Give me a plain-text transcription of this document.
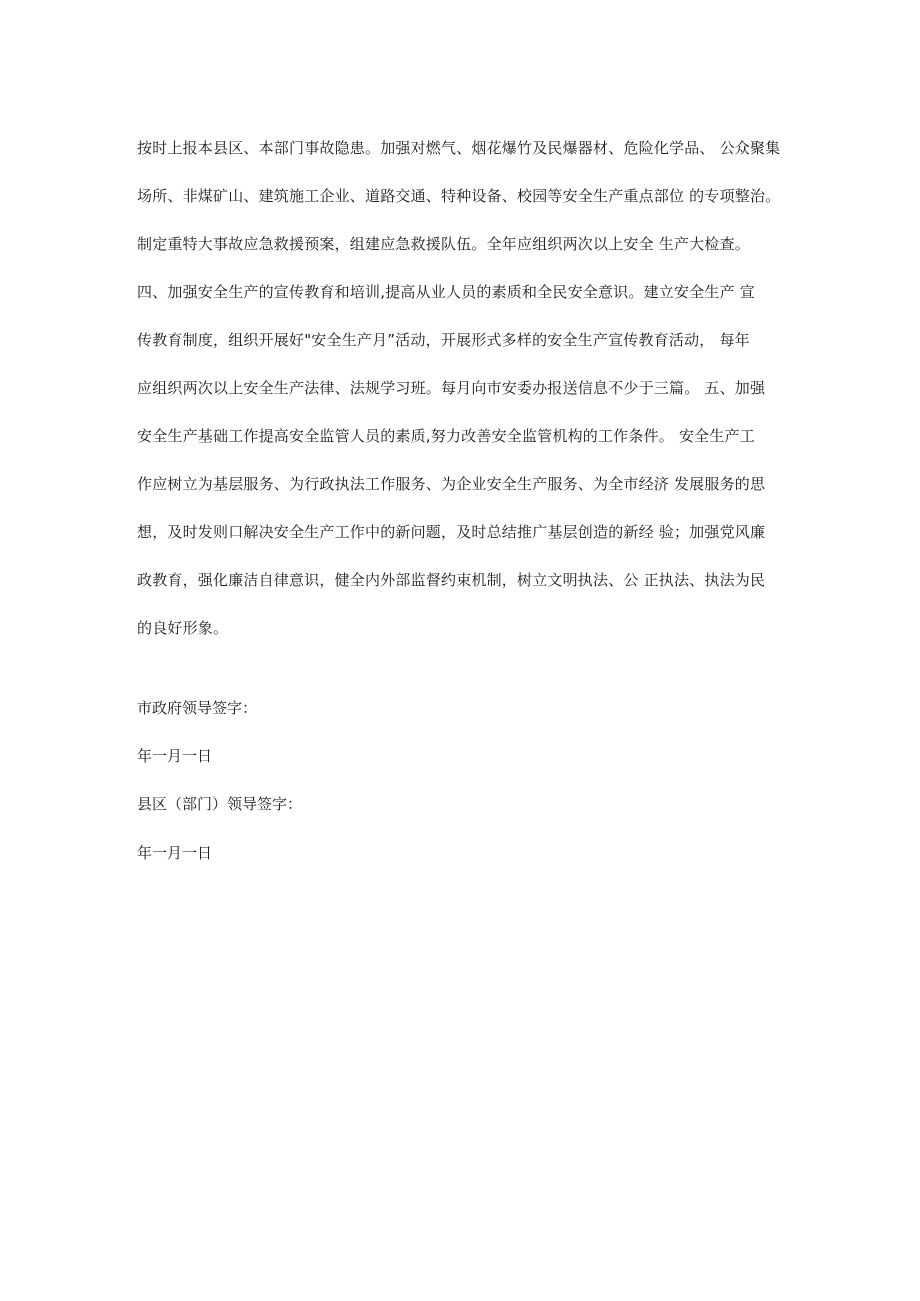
按时上报本县区、本部门事故隐患。加强对燃气、烟花爆竹及民爆器材、危险化学品、 公众聚集
场所、非煤矿山、建筑施工企业、道路交通、特种设备、校园等安全生产重点部位 的专项整治。
制定重特大事故应急救援预案，组建应急救援队伍。全年应组织两次以上安全 生产大检查。
四、加强安全生产的宣传教育和培训,提高从业人员的素质和全民安全意识。建立安全生产 宣
传教育制度，组织开展好"安全生产月”活动，开展形式多样的安全生产宣传教育活动， 每年
应组织两次以上安全生产法律、法规学习班。每月向市安委办报送信息不少于三篇。 五、加强
安全生产基础工作提高安全监管人员的素质,努力改善安全监管机构的工作条件。 安全生产工
作应树立为基层服务、为行政执法工作服务、为企业安全生产服务、为全市经济 发展服务的思
想，及时发则口解决安全生产工作中的新问题，及时总结推广基层创造的新经 验；加强党风廉
政教育，强化廉洁自律意识，健全内外部监督约束机制，树立文明执法、公 正执法、执法为民
的良好形象。
市政府领导签字：
年一月一日
县区（部门）领导签字：
年一月一日
